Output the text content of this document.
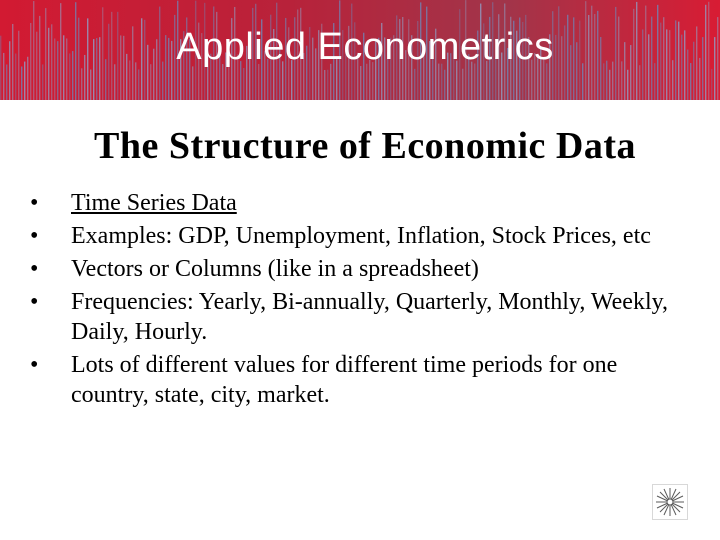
Applied Econometrics
The Structure of Economic Data
• Time Series Data
• Examples: GDP, Unemployment, Inflation, Stock Prices, etc
• Vectors or Columns (like in a spreadsheet)
• Frequencies: Yearly, Bi-annually, Quarterly, Monthly, Weekly, Daily, Hourly.
• Lots of different values for different time periods for one country, state, city, market.
